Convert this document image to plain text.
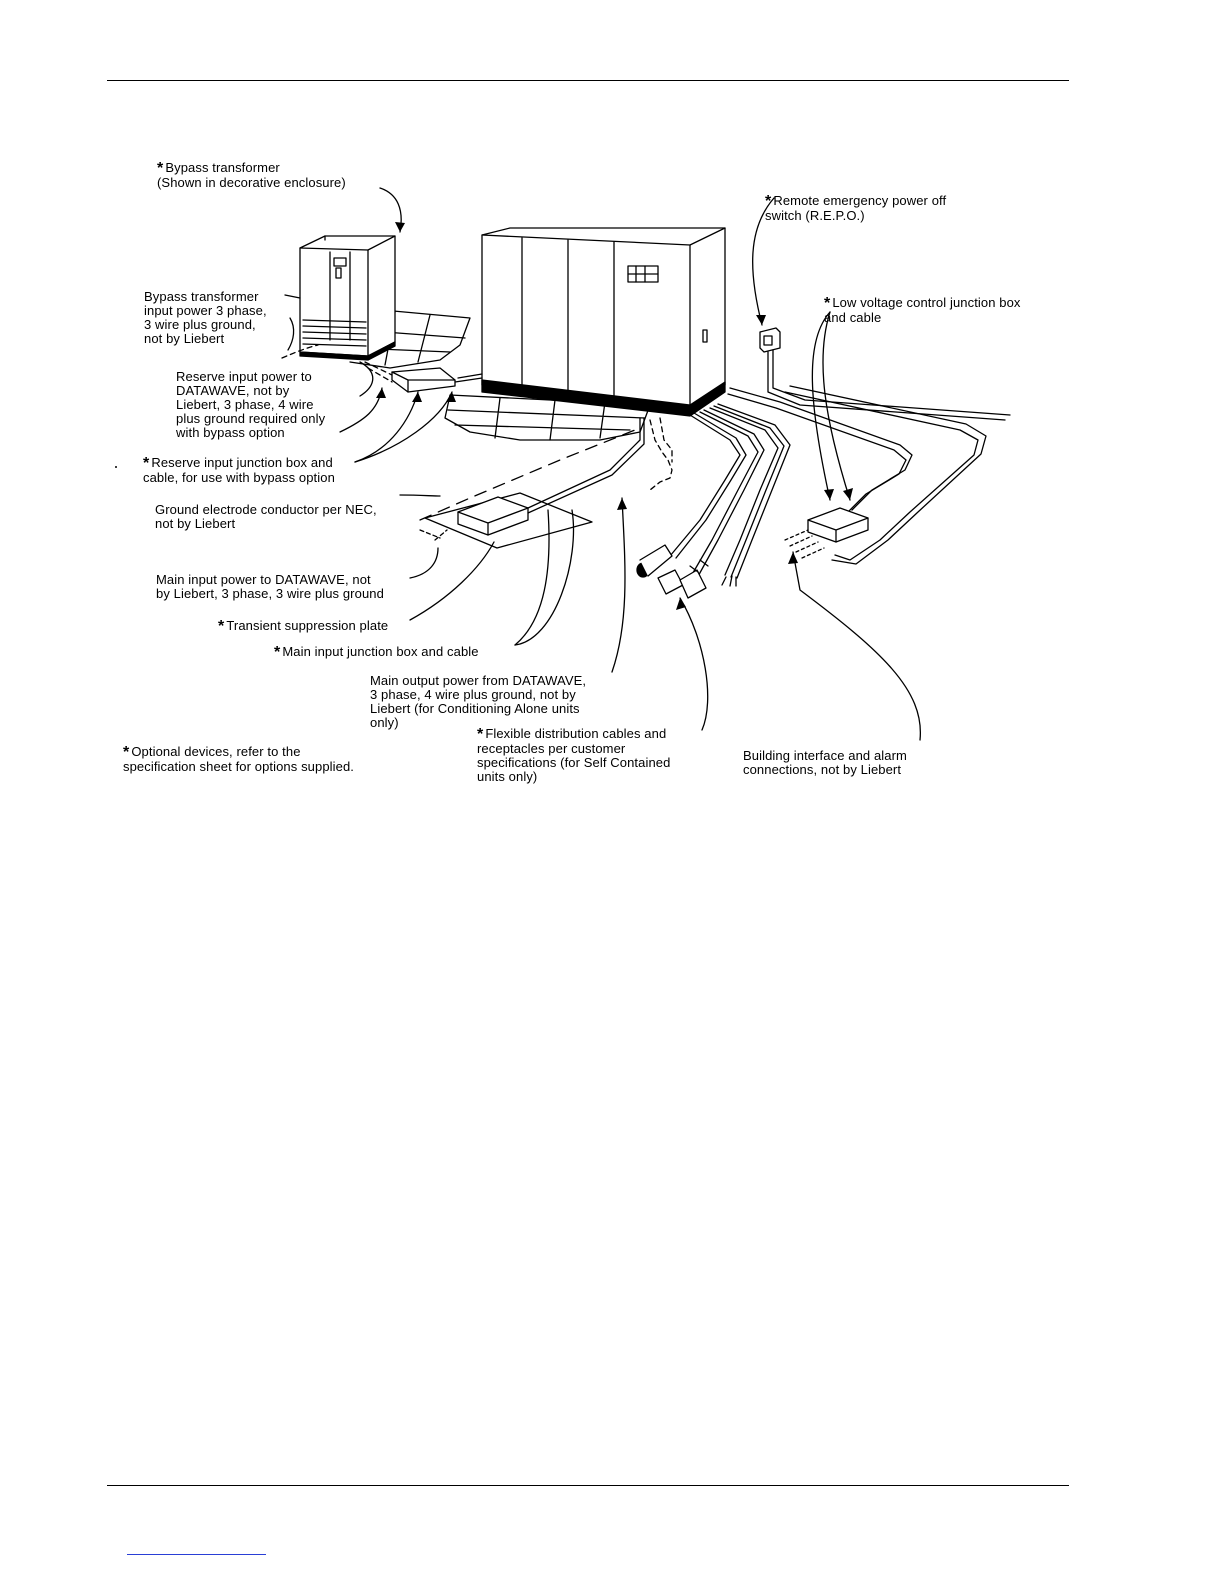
* Bypass transformer
(Shown in decorative enclosure)
Bypass transformer
input power 3 phase,
3 wire plus ground,
not by Liebert
Reserve input power to
DATAWAVE, not by
Liebert, 3 phase, 4 wire
plus ground required only
with bypass option
* Reserve input junction box and
cable, for use with bypass option
Ground electrode conductor per NEC,
not by Liebert
Main input power to DATAWAVE, not
by Liebert, 3 phase, 3 wire plus ground
* Transient suppression plate
* Main input junction box and cable
Main output power from DATAWAVE,
3 phase, 4 wire plus ground, not by
Liebert (for Conditioning Alone units
only)
* Flexible distribution cables and
receptacles per customer
specifications (for Self Contained
units only)
Building interface and alarm
connections, not by Liebert
* Remote emergency power off
switch (R.E.P.O.)
* Low voltage control junction box
and cable
* Optional devices, refer to the
specification sheet for options supplied.
